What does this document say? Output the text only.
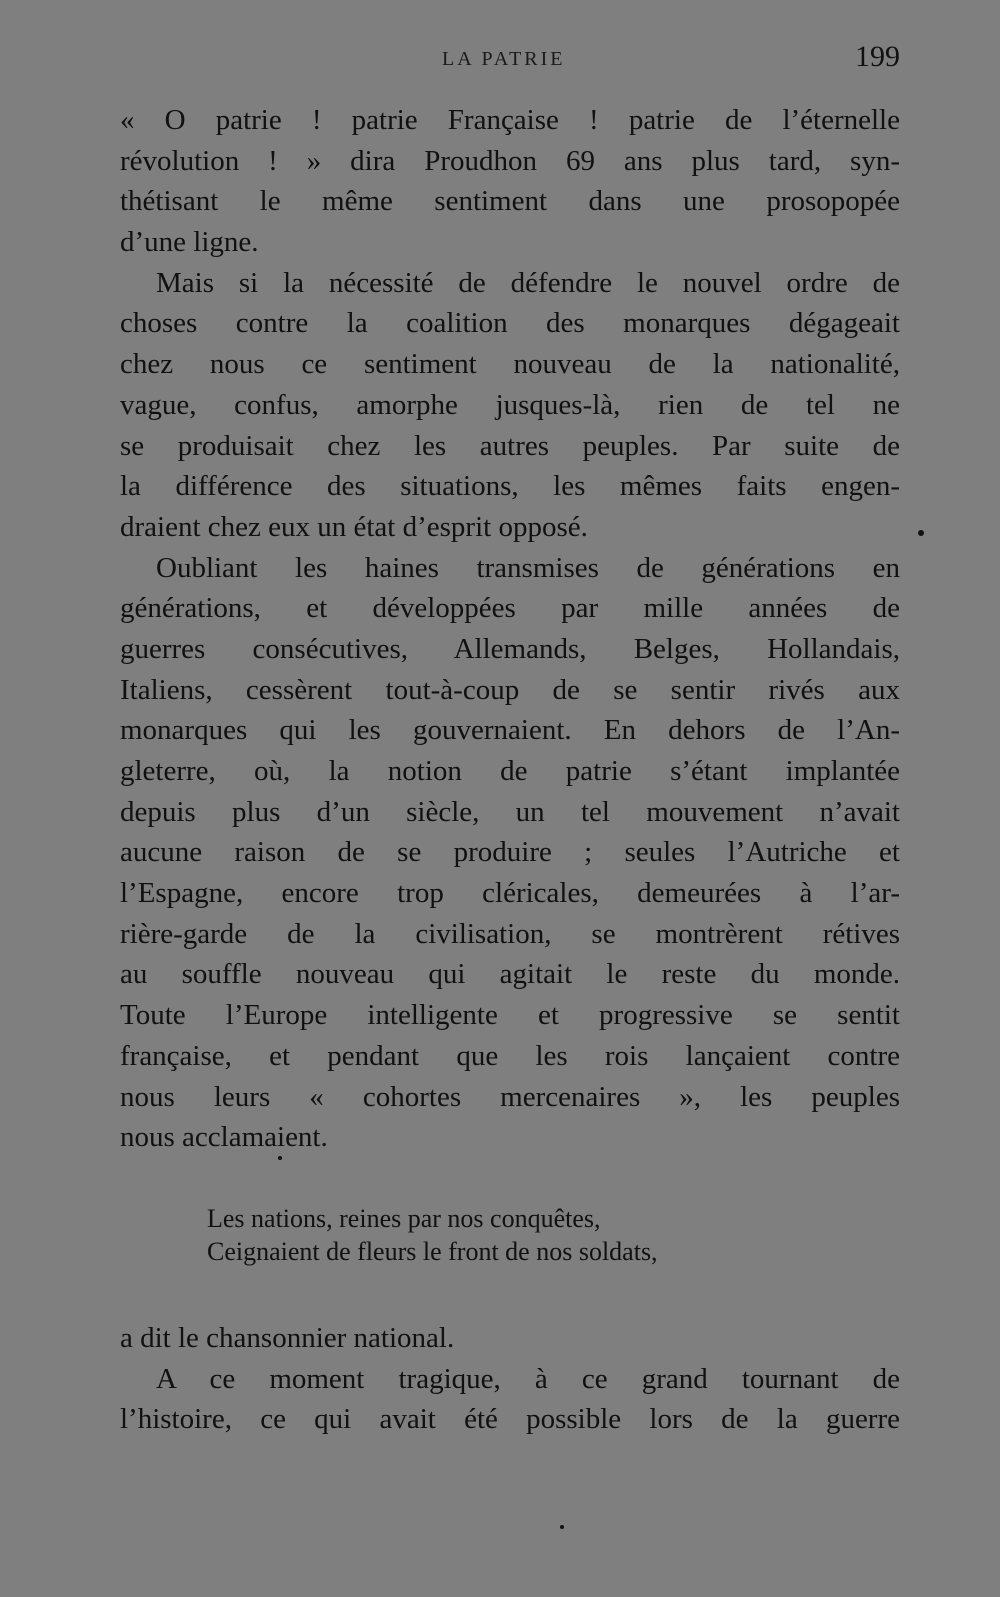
LA PATRIE	199
« O patrie ! patrie Française ! patrie de l’éternelle
révolution ! » dira Proudhon 69 ans plus tard, syn-
thétisant le même sentiment dans une prosopopée
d’une ligne.
Mais si la nécessité de défendre le nouvel ordre de
choses contre la coalition des monarques dégageait
chez nous ce sentiment nouveau de la nationalité,
vague, confus, amorphe jusques-là, rien de tel ne
se produisait chez les autres peuples. Par suite de
la différence des situations, les mêmes faits engen-
draient chez eux un état d’esprit opposé.
Oubliant les haines transmises de générations en
générations, et développées par mille années de
guerres consécutives, Allemands, Belges, Hollandais,
Italiens, cessèrent tout-à-coup de se sentir rivés aux
monarques qui les gouvernaient. En dehors de l’An-
gleterre, où, la notion de patrie s’étant implantée
depuis plus d’un siècle, un tel mouvement n’avait
aucune raison de se produire ; seules l’Autriche et
l’Espagne, encore trop cléricales, demeurées à l’ar-
rière-garde de la civilisation, se montrèrent rétives
au souffle nouveau qui agitait le reste du monde.
Toute l’Europe intelligente et progressive se sentit
française, et pendant que les rois lançaient contre
nous leurs « cohortes mercenaires », les peuples
nous acclamaient.
Les nations, reines par nos conquêtes,
Ceignaient de fleurs le front de nos soldats,
a dit le chansonnier national.
A ce moment tragique, à ce grand tournant de
l’histoire, ce qui avait été possible lors de la guerre
